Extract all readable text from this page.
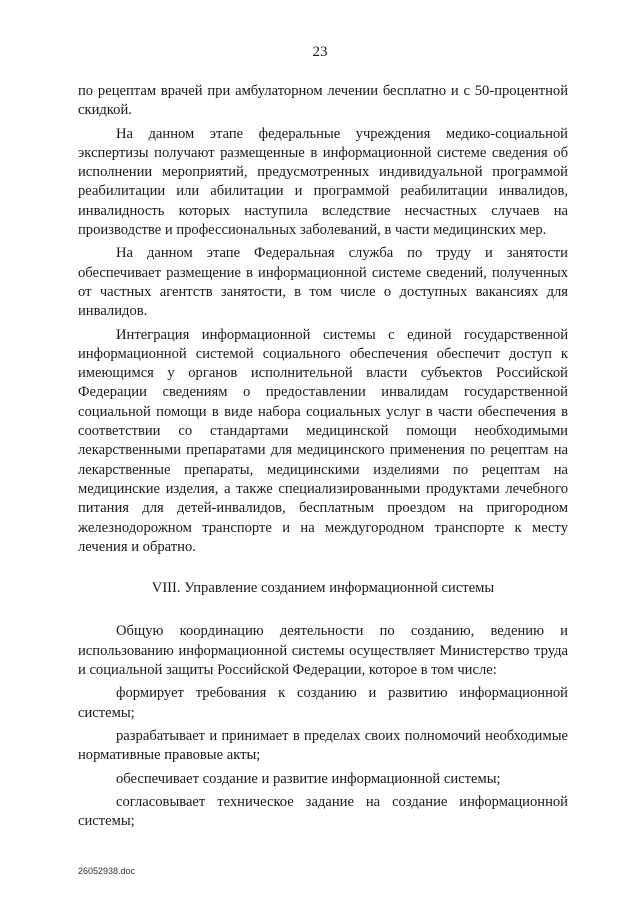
23

по рецептам врачей при амбулаторном лечении бесплатно и с 50-процентной скидкой.

На данном этапе федеральные учреждения медико-социальной экспертизы получают размещенные в информационной системе сведения об исполнении мероприятий, предусмотренных индивидуальной программой реабилитации или абилитации и программой реабилитации инвалидов, инвалидность которых наступила вследствие несчастных случаев на производстве и профессиональных заболеваний, в части медицинских мер.

На данном этапе Федеральная служба по труду и занятости обеспечивает размещение в информационной системе сведений, полученных от частных агентств занятости, в том числе о доступных вакансиях для инвалидов.

Интеграция информационной системы с единой государственной информационной системой социального обеспечения обеспечит доступ к имеющимся у органов исполнительной власти субъектов Российской Федерации сведениям о предоставлении инвалидам государственной социальной помощи в виде набора социальных услуг в части обеспечения в соответствии со стандартами медицинской помощи необходимыми лекарственными препаратами для медицинского применения по рецептам на лекарственные препараты, медицинскими изделиями по рецептам на медицинские изделия, а также специализированными продуктами лечебного питания для детей-инвалидов, бесплатным проездом на пригородном железнодорожном транспорте и на междугородном транспорте к месту лечения и обратно.

VIII. Управление созданием информационной системы

Общую координацию деятельности по созданию, ведению и использованию информационной системы осуществляет Министерство труда и социальной защиты Российской Федерации, которое в том числе:

формирует требования к созданию и развитию информационной системы;

разрабатывает и принимает в пределах своих полномочий необходимые нормативные правовые акты;

обеспечивает создание и развитие информационной системы;

согласовывает техническое задание на создание информационной системы;

26052938.doc
